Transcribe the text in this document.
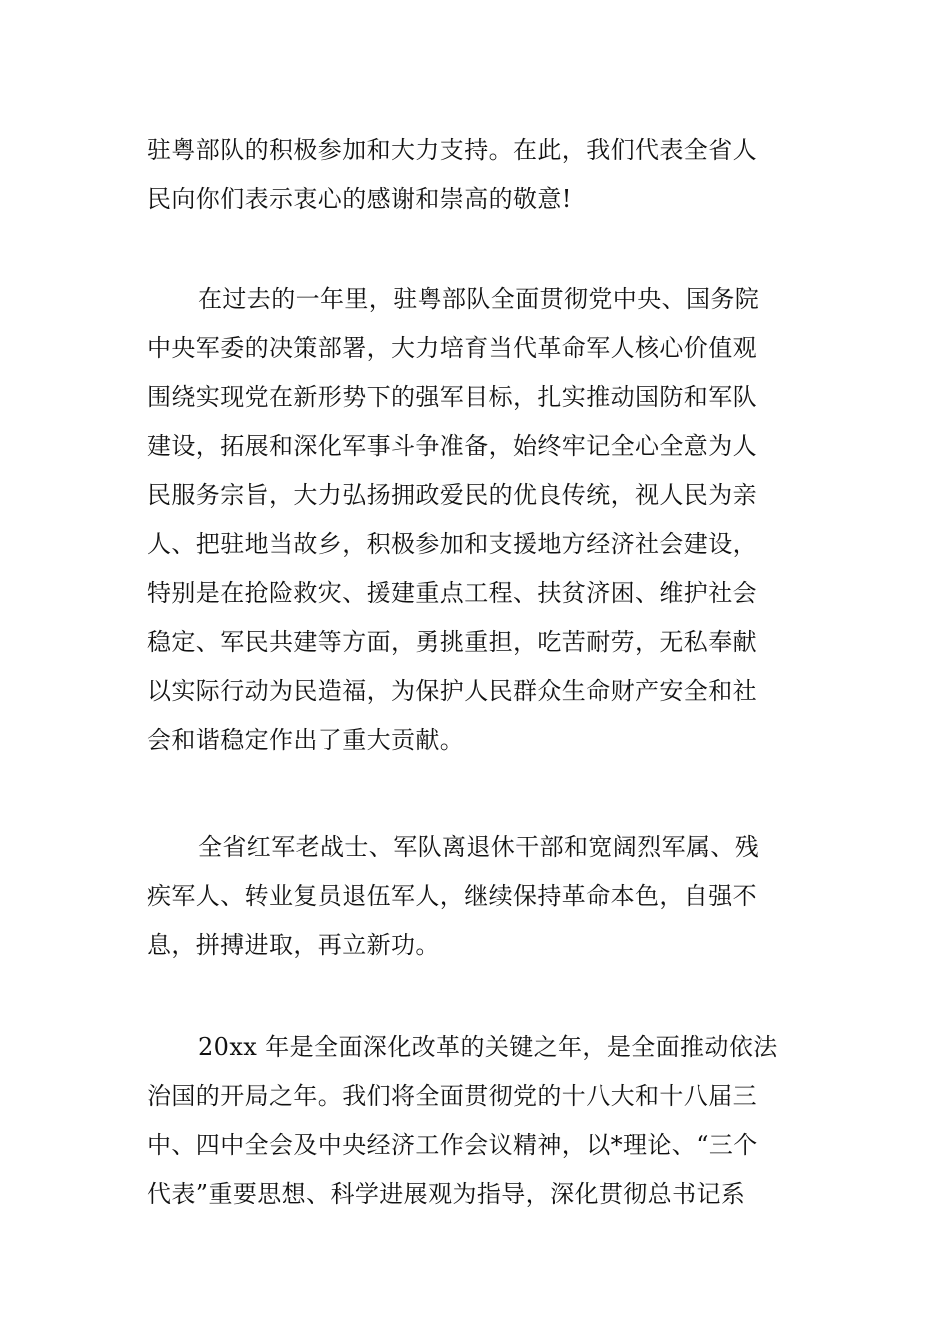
驻粤部队的积极参加和大力支持。在此，我们代表全省人
民向你们表示衷心的感谢和崇高的敬意!
在过去的一年里，驻粤部队全面贯彻党中央、国务院
中央军委的决策部署，大力培育当代革命军人核心价值观
围绕实现党在新形势下的强军目标，扎实推动国防和军队
建设，拓展和深化军事斗争准备，始终牢记全心全意为人
民服务宗旨，大力弘扬拥政爱民的优良传统，视人民为亲
人、把驻地当故乡，积极参加和支援地方经济社会建设，
特别是在抢险救灾、援建重点工程、扶贫济困、维护社会
稳定、军民共建等方面，勇挑重担，吃苦耐劳，无私奉献
以实际行动为民造福，为保护人民群众生命财产安全和社
会和谐稳定作出了重大贡献。
全省红军老战士、军队离退休干部和宽阔烈军属、残
疾军人、转业复员退伍军人，继续保持革命本色，自强不
息，拼搏进取，再立新功。
20xx 年是全面深化改革的关键之年，是全面推动依法
治国的开局之年。我们将全面贯彻党的十八大和十八届三
中、四中全会及中央经济工作会议精神，以*理论、“三个
代表”重要思想、科学进展观为指导，深化贯彻总书记系
